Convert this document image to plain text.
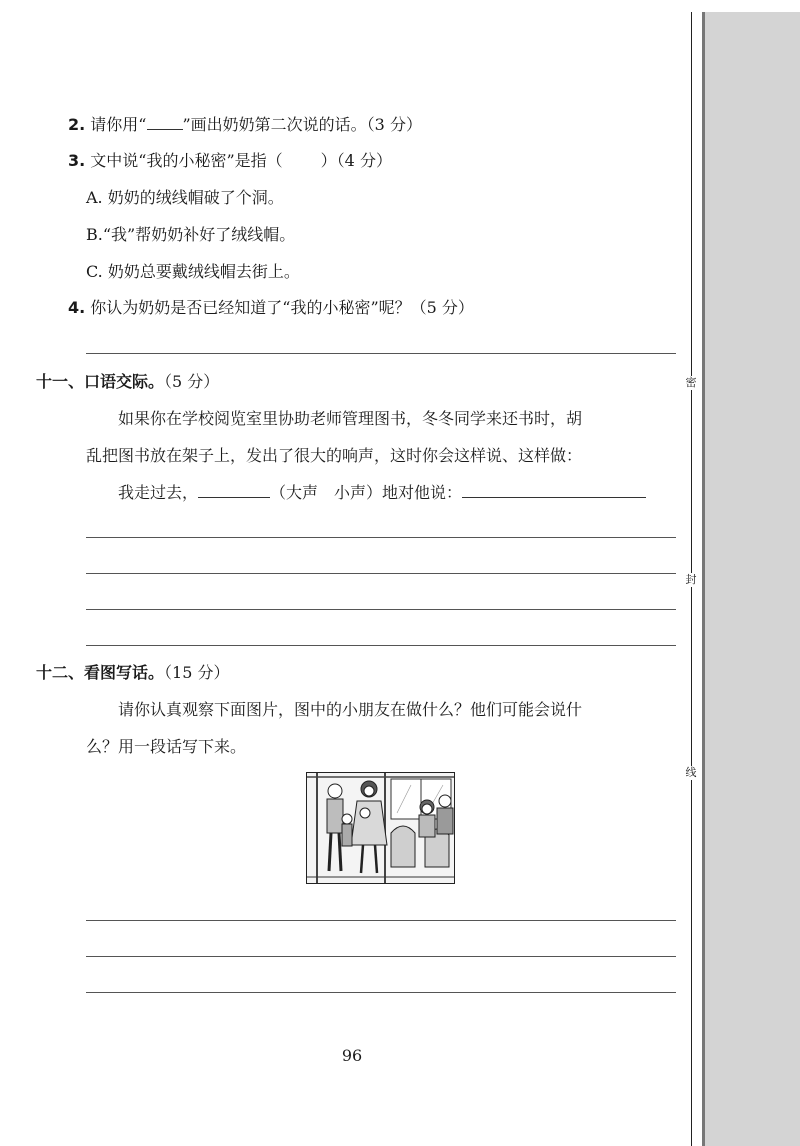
2. 请你用“ ”画出奶奶第二次说的话。（3 分）
3. 文中说“我的小秘密”是指（ ）（4 分）
A. 奶奶的绒线帽破了个洞。
B.“我”帮奶奶补好了绒线帽。
C. 奶奶总要戴绒线帽去街上。
4. 你认为奶奶是否已经知道了“我的小秘密”呢？（5 分）
十一、口语交际。（5 分）
如果你在学校阅览室里协助老师管理图书，冬冬同学来还书时，胡
乱把图书放在架子上，发出了很大的响声，这时你会这样说、这样做：
我走过去，	（大声　小声）地对他说：
十二、看图写话。（15 分）
请你认真观察下面图片，图中的小朋友在做什么？他们可能会说什
么？用一段话写下来。
96
密
封
线
